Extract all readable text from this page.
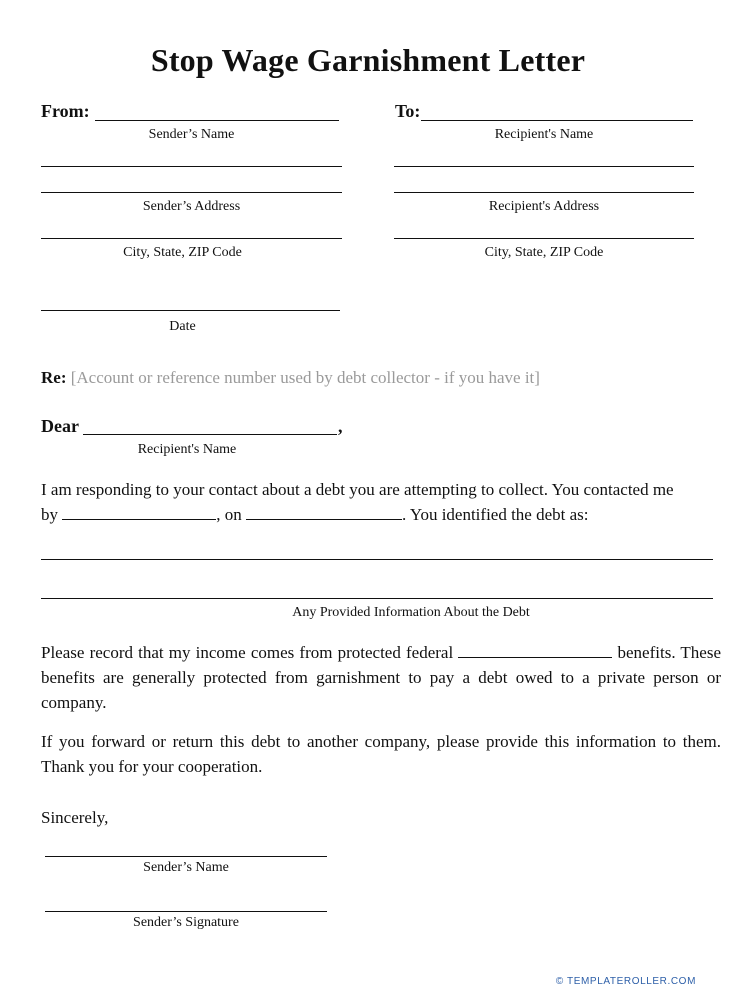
Stop Wage Garnishment Letter
From:
Sender’s Name
Sender’s Address
City, State, ZIP Code
Date
To:
Recipient's Name
Recipient's Address
City, State, ZIP Code
Re: [Account or reference number used by debt collector - if you have it]
Dear	,
Recipient's Name
I am responding to your contact about a debt you are attempting to collect. You contacted me
by	, on	. You identified the debt as:
Any Provided Information About the Debt
Please record that my income comes from protected federal	benefits. These benefits are generally protected from garnishment to pay a debt owed to a private person or company.
If you forward or return this debt to another company, please provide this information to them. Thank you for your cooperation.
Sincerely,
Sender’s Name
Sender’s Signature
© TEMPLATEROLLER.COM
